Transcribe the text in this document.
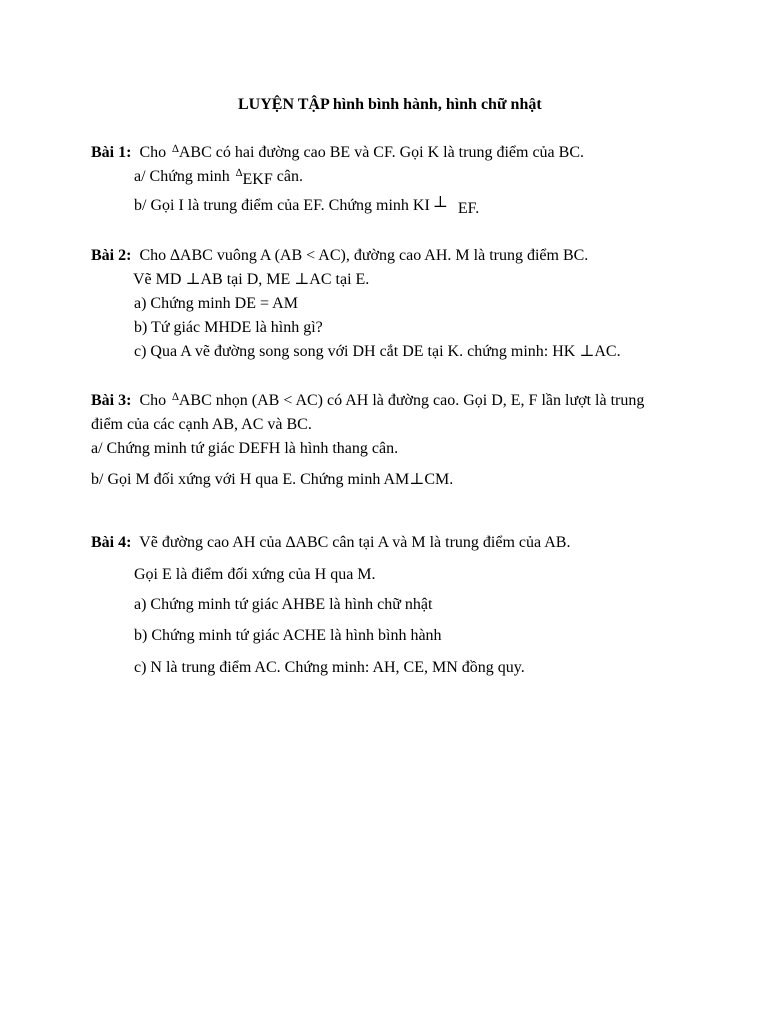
LUYỆN TẬP hình bình hành, hình chữ nhật
Bài 1: Cho ∆ABC có hai đường cao BE và CF. Gọi K là trung điểm của BC.
a/ Chứng minh ∆EKF cân.
b/ Gọi I là trung điểm của EF. Chứng minh KI ⊥ EF.
Bài 2: Cho ∆ABC vuông A (AB < AC), đường cao AH. M là trung điểm BC.
Vẽ MD ⊥AB tại D, ME ⊥AC tại E.
a) Chứng minh DE = AM
b) Tứ giác MHDE là hình gì?
c) Qua A vẽ đường song song với DH cắt DE tại K. chứng minh: HK ⊥AC.
Bài 3: Cho ∆ABC nhọn (AB < AC) có AH là đường cao. Gọi D, E, F lần lượt là trung
điểm của các cạnh AB, AC và BC.
a/ Chứng minh tứ giác DEFH là hình thang cân.
b/ Gọi M đối xứng với H qua E. Chứng minh AM⊥CM.
Bài 4: Vẽ đường cao AH của ∆ABC cân tại A và M là trung điểm của AB.
Gọi E là điểm đối xứng của H qua M.
a) Chứng minh tứ giác AHBE là hình chữ nhật
b) Chứng minh tứ giác ACHE là hình bình hành
c) N là trung điểm AC. Chứng minh: AH, CE, MN đồng quy.
